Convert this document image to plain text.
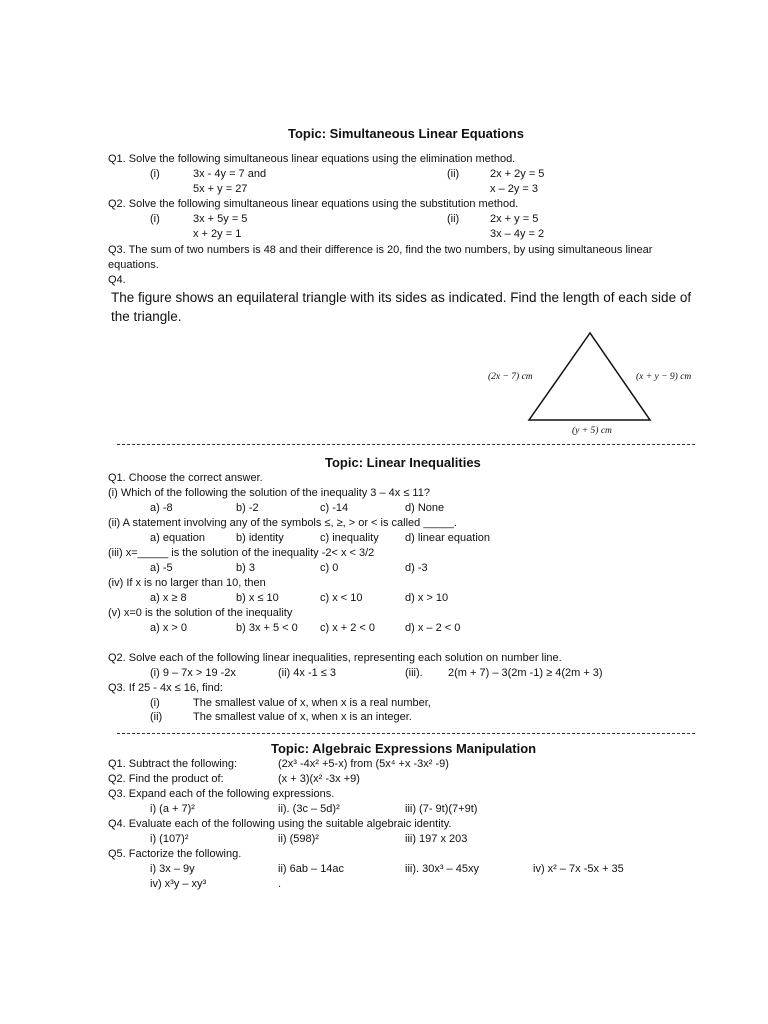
Topic: Simultaneous Linear Equations
Q1. Solve the following simultaneous linear equations using the elimination method.
(i)	3x - 4y = 7 and
5x + y = 27
(ii)	2x + 2y = 5
x – 2y = 3
Q2. Solve the following simultaneous linear equations using the substitution method.
(i)	3x + 5y = 5
x + 2y = 1
(ii)	2x + y = 5
3x – 4y = 2
Q3. The sum of two numbers is 48 and their difference is 20, find the two numbers, by using simultaneous linear
equations.
Q4.
The figure shows an equilateral triangle with its sides as indicated. Find the length of each side of
the triangle.
(2x − 7) cm	(x + y − 9) cm
(y + 5) cm
Topic: Linear Inequalities
Q1. Choose the correct answer.
(i) Which of the following the solution of the inequality 3 – 4x ≤ 11?
a) -8	b) -2	c) -14	d) None
(ii) A statement involving any of the symbols ≤, ≥, > or < is called _____.
a) equation	b) identity	c) inequality d) linear equation
(iii) x=_____ is the solution of the inequality -2< x < 3/2
a) -5	b) 3	c) 0	d) -3
(iv) If x is no larger than 10, then
a) x ≥ 8	b) x ≤ 10	c) x < 10	d) x > 10
(v) x=0 is the solution of the inequality
a) x > 0	b) 3x + 5 < 0 c) x + 2 < 0	d) x – 2 < 0
Q2. Solve each of the following linear inequalities, representing each solution on number line.
(i) 9 – 7x > 19 -2x	(ii) 4x -1 ≤ 3	(iii). 2(m + 7) – 3(2m -1) ≥ 4(2m + 3)
Q3. If 25 - 4x ≤ 16, find:
(i)	The smallest value of x, when x is a real number,
(ii)	The smallest value of x, when x is an integer.
Topic: Algebraic Expressions Manipulation
Q1. Subtract the following:	(2x³ -4x² +5-x) from (5x⁴ +x -3x² -9)
Q2. Find the product of:	(x + 3)(x² -3x +9)
Q3. Expand each of the following expressions.
i) (a + 7)²	ii). (3c – 5d)²	iii) (7- 9t)(7+9t)
Q4. Evaluate each of the following using the suitable algebraic identity.
i) (107)²	ii) (598)²	iii) 197 x 203
Q5. Factorize the following.
i) 3x – 9y	ii) 6ab – 14ac	iii). 30x³ – 45xy	iv) x² – 7x -5x + 35
iv) x³y – xy³	.
